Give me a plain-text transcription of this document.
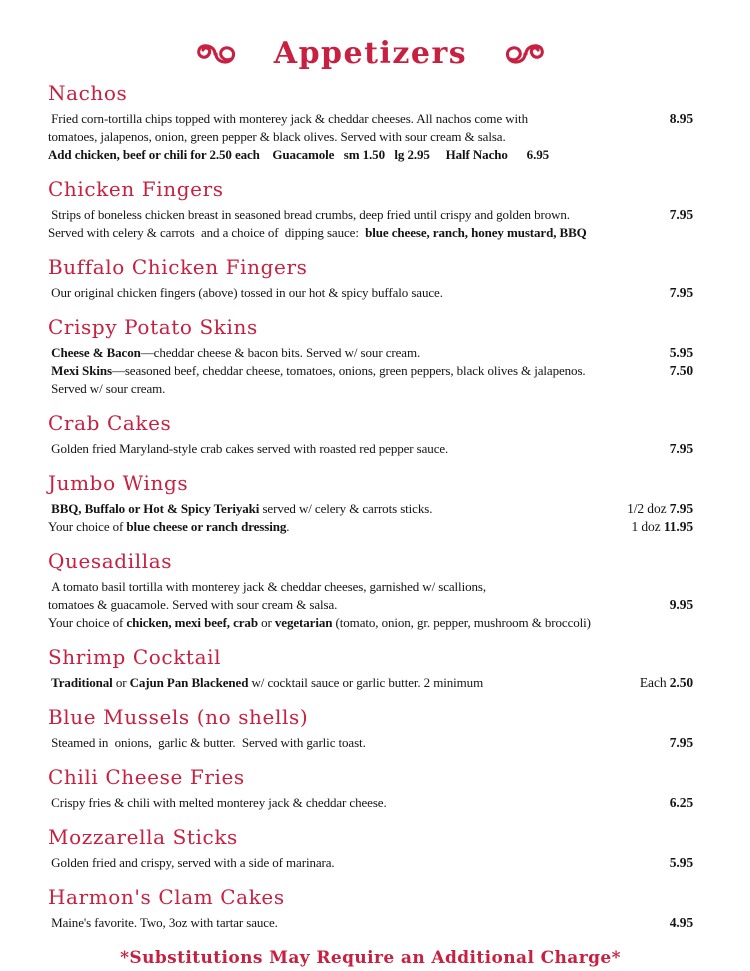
Appetizers
Nachos
Fried corn-tortilla chips topped with monterey jack & cheddar cheeses. All nachos come with	8.95
tomatoes, jalapenos, onion, green pepper & black olives. Served with sour cream & salsa.
Add chicken, beef or chili for 2.50 each    Guacamole   sm 1.50   lg 2.95     Half Nacho      6.95
Chicken Fingers
Strips of boneless chicken breast in seasoned bread crumbs, deep fried until crispy and golden brown.	7.95
Served with celery & carrots  and a choice of  dipping sauce:  blue cheese, ranch, honey mustard, BBQ
Buffalo Chicken Fingers
Our original chicken fingers (above) tossed in our hot & spicy buffalo sauce.	7.95
Crispy Potato Skins
Cheese & Bacon—cheddar cheese & bacon bits. Served w/ sour cream.	5.95
Mexi Skins—seasoned beef, cheddar cheese, tomatoes, onions, green peppers, black olives & jalapenos.	7.50
Served w/ sour cream.
Crab Cakes
Golden fried Maryland-style crab cakes served with roasted red pepper sauce.	7.95
Jumbo Wings
BBQ, Buffalo or Hot & Spicy Teriyaki served w/ celery & carrots sticks.	1/2 doz 7.95
Your choice of blue cheese or ranch dressing.	1 doz 11.95
Quesadillas
A tomato basil tortilla with monterey jack & cheddar cheeses, garnished w/ scallions,
tomatoes & guacamole. Served with sour cream & salsa.	9.95
Your choice of chicken, mexi beef, crab or vegetarian (tomato, onion, gr. pepper, mushroom & broccoli)
Shrimp Cocktail
Traditional or Cajun Pan Blackened w/ cocktail sauce or garlic butter. 2 minimum	Each 2.50
Blue Mussels (no shells)
Steamed in  onions,  garlic & butter.  Served with garlic toast.	7.95
Chili Cheese Fries
Crispy fries & chili with melted monterey jack & cheddar cheese.	6.25
Mozzarella Sticks
Golden fried and crispy, served with a side of marinara.	5.95
Harmon's Clam Cakes
Maine's favorite. Two, 3oz with tartar sauce.	4.95
*Substitutions May Require an Additional Charge*
